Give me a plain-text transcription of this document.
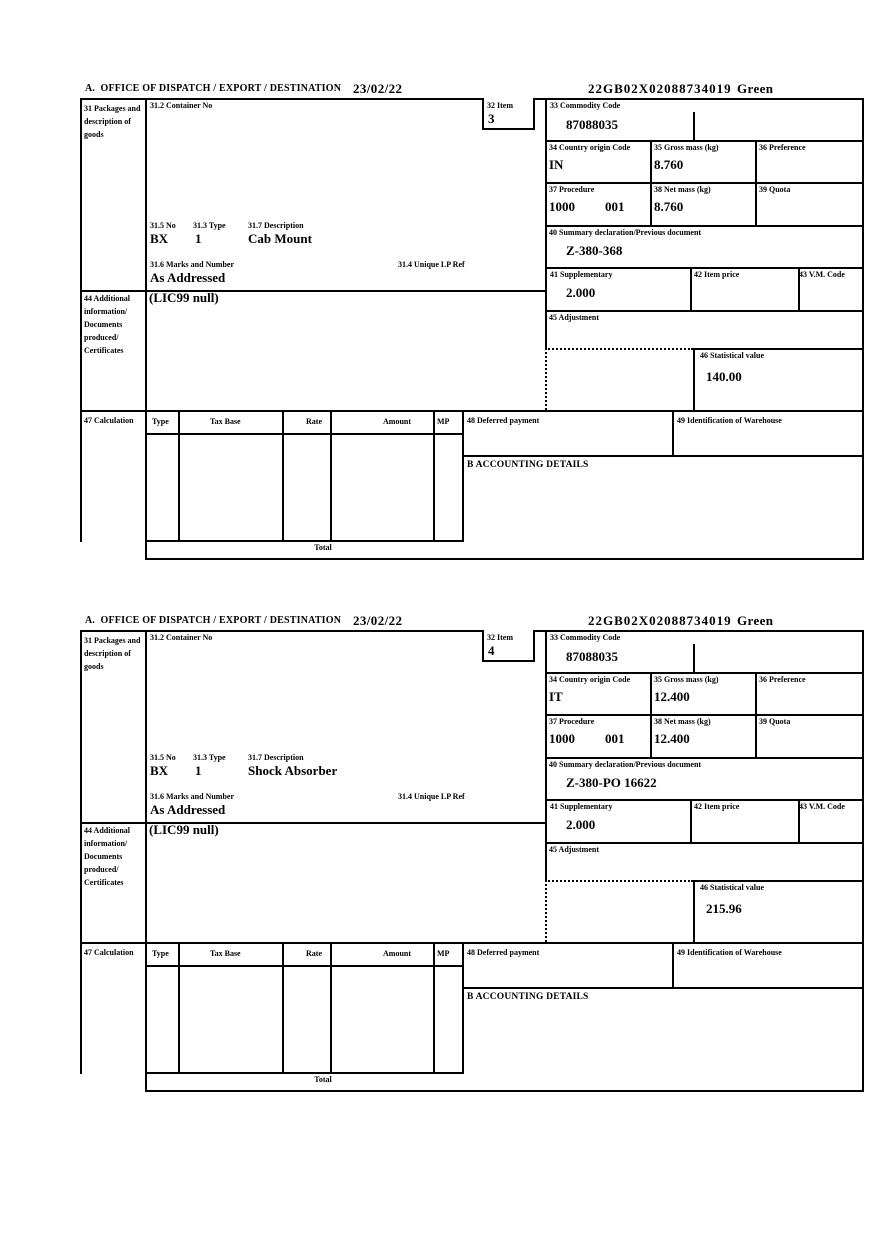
A.  OFFICE OF DISPATCH / EXPORT / DESTINATION 23/02/22	22GB02X02088734019 Green
31 Packages and description of goods
31.2 Container No	32 Item
3
31.5 No 31.3 Type	31.7 Description
BX 1	Cab Mount
31.6 Marks and Number	31.4 Unique LP Ref
As Addressed
44 Additional information/ Documents produced/ Certificates
(LIC99 null)
33 Commodity Code
87088035
34 Country origin Code
IN
35 Gross mass (kg)
8.760
36 Preference
37 Procedure
1000 001
38 Net mass (kg)
8.760
39 Quota
40 Summary declaration/Previous document
Z-380-368
41 Supplementary
2.000
42 Item price	43 V.M. Code
45 Adjustment
46 Statistical value
140.00
47 Calculation	Type	Tax Base	Rate	Amount	MP 48 Deferred payment	49 Identification of Warehouse
B ACCOUNTING DETAILS
Total
A.  OFFICE OF DISPATCH / EXPORT / DESTINATION 23/02/22	22GB02X02088734019 Green
31 Packages and description of goods
31.2 Container No	32 Item
4
31.5 No 31.3 Type	31.7 Description
BX 1	Shock Absorber
31.6 Marks and Number	31.4 Unique LP Ref
As Addressed
44 Additional information/ Documents produced/ Certificates
(LIC99 null)
33 Commodity Code
87088035
34 Country origin Code
IT
35 Gross mass (kg)
12.400
36 Preference
37 Procedure
1000 001
38 Net mass (kg)
12.400
39 Quota
40 Summary declaration/Previous document
Z-380-PO 16622
41 Supplementary
2.000
42 Item price	43 V.M. Code
45 Adjustment
46 Statistical value
215.96
47 Calculation	Type	Tax Base	Rate	Amount	MP 48 Deferred payment	49 Identification of Warehouse
B ACCOUNTING DETAILS
Total
